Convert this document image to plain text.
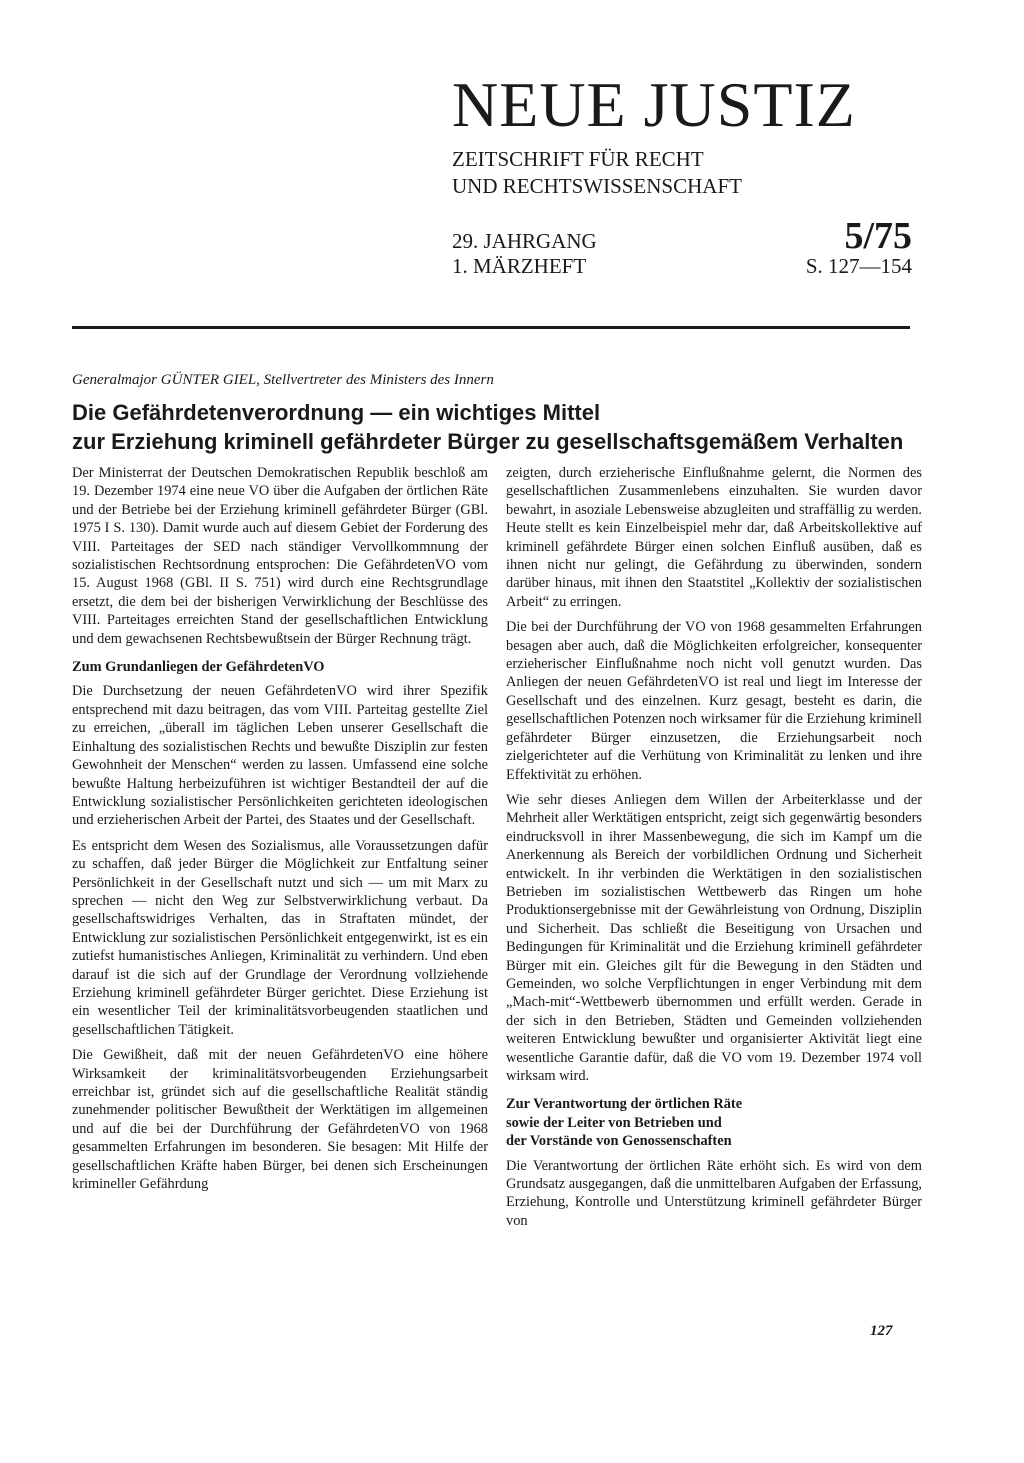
NEUE JUSTIZ
ZEITSCHRIFT FÜR RECHT
UND RECHTSWISSENSCHAFT
29. JAHRGANG	5/75
1. MÄRZHEFT	S. 127—154
Generalmajor GÜNTER GIEL, Stellvertreter des Ministers des Innern
Die Gefährdetenverordnung — ein wichtiges Mittel
zur Erziehung kriminell gefährdeter Bürger zu gesellschaftsgemäßem Verhalten

Der Ministerrat der Deutschen Demokratischen Republik beschloß am 19. Dezember 1974 eine neue VO über die Aufgaben der örtlichen Räte und der Betriebe bei der Erziehung kriminell gefährdeter Bürger (GBl. 1975 I S. 130). Damit wurde auch auf diesem Gebiet der Forderung des VIII. Parteitages der SED nach ständiger Vervollkommnung der sozialistischen Rechtsordnung entsprochen: Die GefährdetenVO vom 15. August 1968 (GBl. II S. 751) wird durch eine Rechtsgrundlage ersetzt, die dem bei der bisherigen Verwirklichung der Beschlüsse des VIII. Parteitages erreichten Stand der gesellschaftlichen Entwicklung und dem gewachsenen Rechtsbewußtsein der Bürger Rechnung trägt.

Zum Grundanliegen der GefährdetenVO

Die Durchsetzung der neuen GefährdetenVO wird ihrer Spezifik entsprechend mit dazu beitragen, das vom VIII. Parteitag gestellte Ziel zu erreichen, „überall im täglichen Leben unserer Gesellschaft die Einhaltung des sozialistischen Rechts und bewußte Disziplin zur festen Gewohnheit der Menschen“ werden zu lassen. Umfassend eine solche bewußte Haltung herbeizuführen ist wichtiger Bestandteil der auf die Entwicklung sozialistischer Persönlichkeiten gerichteten ideologischen und erzieherischen Arbeit der Partei, des Staates und der Gesellschaft.

Es entspricht dem Wesen des Sozialismus, alle Voraussetzungen dafür zu schaffen, daß jeder Bürger die Möglichkeit zur Entfaltung seiner Persönlichkeit in der Gesellschaft nutzt und sich — um mit Marx zu sprechen — nicht den Weg zur Selbstverwirklichung verbaut. Da gesellschaftswidriges Verhalten, das in Straftaten mündet, der Entwicklung zur sozialistischen Persönlichkeit entgegenwirkt, ist es ein zutiefst humanistisches Anliegen, Kriminalität zu verhindern. Und eben darauf ist die sich auf der Grundlage der Verordnung vollziehende Erziehung kriminell gefährdeter Bürger gerichtet. Diese Erziehung ist ein wesentlicher Teil der kriminalitätsvorbeugenden staatlichen und gesellschaftlichen Tätigkeit.

Die Gewißheit, daß mit der neuen GefährdetenVO eine höhere Wirksamkeit der kriminalitätsvorbeugenden Erziehungsarbeit erreichbar ist, gründet sich auf die gesellschaftliche Realität ständig zunehmender politischer Bewußtheit der Werktätigen im allgemeinen und auf die bei der Durchführung der GefährdetenVO von 1968 gesammelten Erfahrungen im besonderen. Sie besagen: Mit Hilfe der gesellschaftlichen Kräfte haben Bürger, bei denen sich Erscheinungen krimineller Gefährdung

zeigten, durch erzieherische Einflußnahme gelernt, die Normen des gesellschaftlichen Zusammenlebens einzuhalten. Sie wurden davor bewahrt, in asoziale Lebensweise abzugleiten und straffällig zu werden. Heute stellt es kein Einzelbeispiel mehr dar, daß Arbeitskollektive auf kriminell gefährdete Bürger einen solchen Einfluß ausüben, daß es ihnen nicht nur gelingt, die Gefährdung zu überwinden, sondern darüber hinaus, mit ihnen den Staatstitel „Kollektiv der sozialistischen Arbeit“ zu erringen.

Die bei der Durchführung der VO von 1968 gesammelten Erfahrungen besagen aber auch, daß die Möglichkeiten erfolgreicher, konsequenter erzieherischer Einflußnahme noch nicht voll genutzt wurden. Das Anliegen der neuen GefährdetenVO ist real und liegt im Interesse der Gesellschaft und des einzelnen. Kurz gesagt, besteht es darin, die gesellschaftlichen Potenzen noch wirksamer für die Erziehung kriminell gefährdeter Bürger einzusetzen, die Erziehungsarbeit noch zielgerichteter auf die Verhütung von Kriminalität zu lenken und ihre Effektivität zu erhöhen.

Wie sehr dieses Anliegen dem Willen der Arbeiterklasse und der Mehrheit aller Werktätigen entspricht, zeigt sich gegenwärtig besonders eindrucksvoll in ihrer Massenbewegung, die sich im Kampf um die Anerkennung als Bereich der vorbildlichen Ordnung und Sicherheit entwickelt. In ihr verbinden die Werktätigen in den sozialistischen Betrieben im sozialistischen Wettbewerb das Ringen um hohe Produktionsergebnisse mit der Gewährleistung von Ordnung, Disziplin und Sicherheit. Das schließt die Beseitigung von Ursachen und Bedingungen für Kriminalität und die Erziehung kriminell gefährdeter Bürger mit ein. Gleiches gilt für die Bewegung in den Städten und Gemeinden, wo solche Verpflichtungen in enger Verbindung mit dem „Mach-mit“-Wettbewerb übernommen und erfüllt werden. Gerade in der sich in den Betrieben, Städten und Gemeinden vollziehenden weiteren Entwicklung bewußter und organisierter Aktivität liegt eine wesentliche Garantie dafür, daß die VO vom 19. Dezember 1974 voll wirksam wird.

Zur Verantwortung der örtlichen Räte
sowie der Leiter von Betrieben und
der Vorstände von Genossenschaften

Die Verantwortung der örtlichen Räte erhöht sich. Es wird von dem Grundsatz ausgegangen, daß die unmittelbaren Aufgaben der Erfassung, Erziehung, Kontrolle und Unterstützung kriminell gefährdeter Bürger von

127
